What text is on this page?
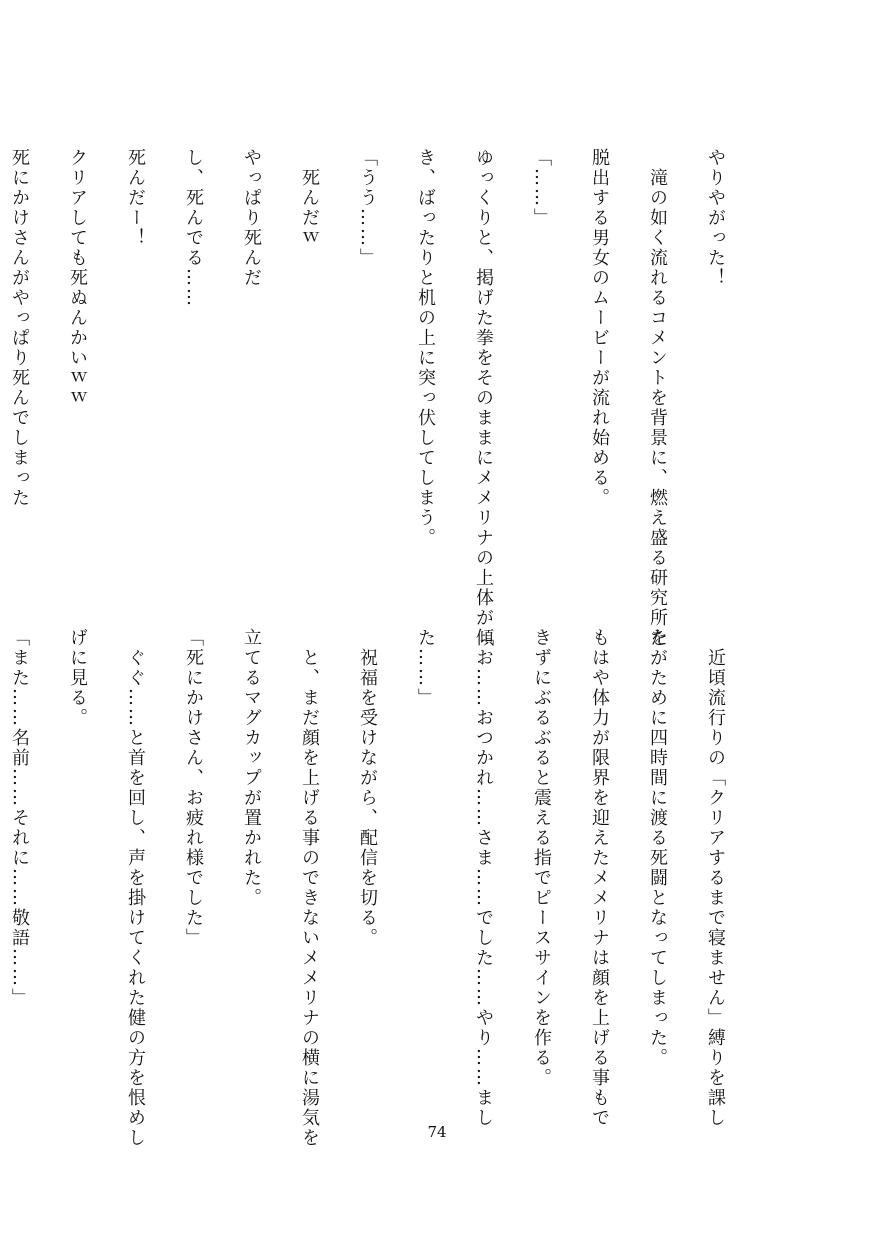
やりやがった！
　滝の如く流れるコメントを背景に、燃え盛る研究所を
脱出する男女のムービーが流れ始める。
「……」
ゆっくりと、掲げた拳をそのままにメメリナの上体が傾
き、ばったりと机の上に突っ伏してしまう。
「うう……」
　死んだｗ
やっぱり死んだ
し、死んでる……
死んだー！
クリアしても死ぬんかいｗｗ
死にかけさんがやっぱり死んでしまった
　近頃流行りの「クリアするまで寝ません」縛りを課し
たがために四時間に渡る死闘となってしまった。
もはや体力が限界を迎えたメメリナは顔を上げる事もで
きずにぶるぶると震える指でピースサインを作る。
「お……おつかれ……さま……でした……やり……まし
た……」
　祝福を受けながら、配信を切る。
　と、まだ顔を上げる事のできないメメリナの横に湯気を
立てるマグカップが置かれた。
「死にかけさん、お疲れ様でした」
　ぐぐ……と首を回し、声を掛けてくれた健の方を恨めし
げに見る。
「また……名前……それに……敬語……」
74
